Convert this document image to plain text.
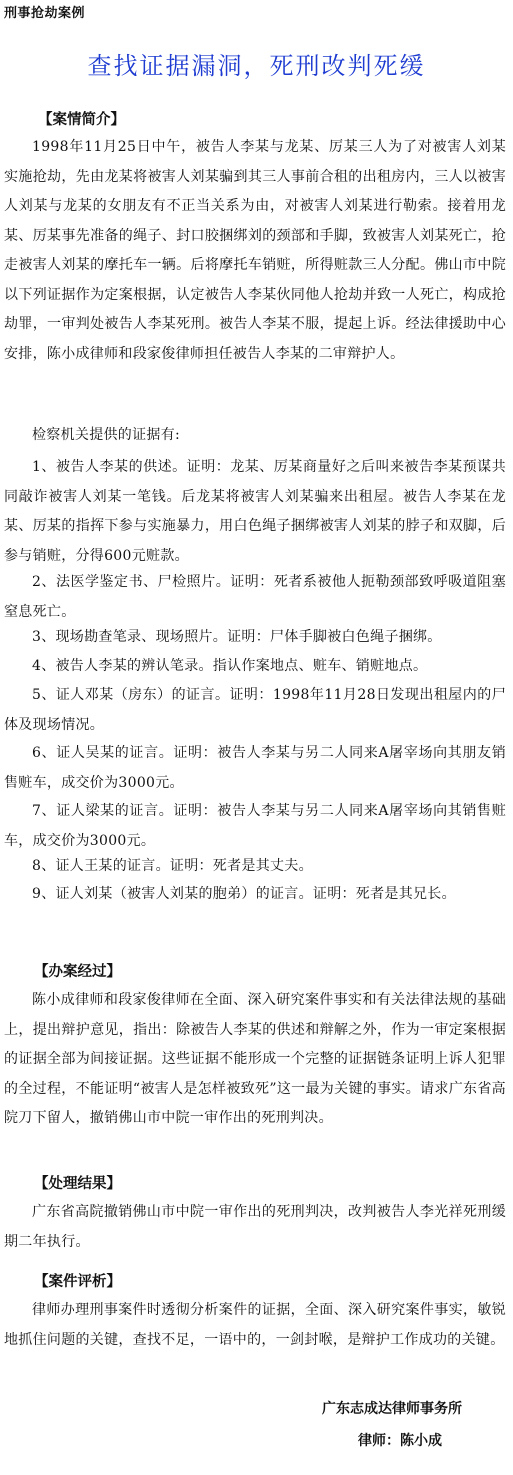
刑事抢劫案例
查找证据漏洞，死刑改判死缓
【案情简介】
1998年11月25日中午，被告人李某与龙某、厉某三人为了对被害人刘某实施抢劫，先由龙某将被害人刘某骗到其三人事前合租的出租房内，三人以被害人刘某与龙某的女朋友有不正当关系为由，对被害人刘某进行勒索。接着用龙某、厉某事先准备的绳子、封口胶捆绑刘的颈部和手脚，致被害人刘某死亡，抢走被害人刘某的摩托车一辆。后将摩托车销赃，所得赃款三人分配。佛山市中院以下列证据作为定案根据，认定被告人李某伙同他人抢劫并致一人死亡，构成抢劫罪，一审判处被告人李某死刑。被告人李某不服，提起上诉。经法律援助中心安排，陈小成律师和段家俊律师担任被告人李某的二审辩护人。
检察机关提供的证据有:
1、被告人李某的供述。证明：龙某、厉某商量好之后叫来被告李某预谋共同敲诈被害人刘某一笔钱。后龙某将被害人刘某骗来出租屋。被告人李某在龙某、厉某的指挥下参与实施暴力，用白色绳子捆绑被害人刘某的脖子和双脚，后参与销赃，分得600元赃款。
2、法医学鉴定书、尸检照片。证明：死者系被他人扼勒颈部致呼吸道阻塞窒息死亡。
3、现场勘查笔录、现场照片。证明：尸体手脚被白色绳子捆绑。
4、被告人李某的辨认笔录。指认作案地点、赃车、销赃地点。
5、证人邓某（房东）的证言。证明：1998年11月28日发现出租屋内的尸体及现场情况。
6、证人吴某的证言。证明：被告人李某与另二人同来A屠宰场向其朋友销售赃车，成交价为3000元。
7、证人梁某的证言。证明：被告人李某与另二人同来A屠宰场向其销售赃车，成交价为3000元。
8、证人王某的证言。证明：死者是其丈夫。
9、证人刘某（被害人刘某的胞弟）的证言。证明：死者是其兄长。
【办案经过】
陈小成律师和段家俊律师在全面、深入研究案件事实和有关法律法规的基础上，提出辩护意见，指出：除被告人李某的供述和辩解之外，作为一审定案根据的证据全部为间接证据。这些证据不能形成一个完整的证据链条证明上诉人犯罪的全过程，不能证明“被害人是怎样被致死”这一最为关键的事实。请求广东省高院刀下留人，撤销佛山市中院一审作出的死刑判决。
【处理结果】
广东省高院撤销佛山市中院一审作出的死刑判决，改判被告人李光祥死刑缓期二年执行。
【案件评析】
律师办理刑事案件时透彻分析案件的证据，全面、深入研究案件事实，敏锐地抓住问题的关键，查找不足，一语中的，一剑封喉，是辩护工作成功的关键。
广东志成达律师事务所
律师：陈小成
